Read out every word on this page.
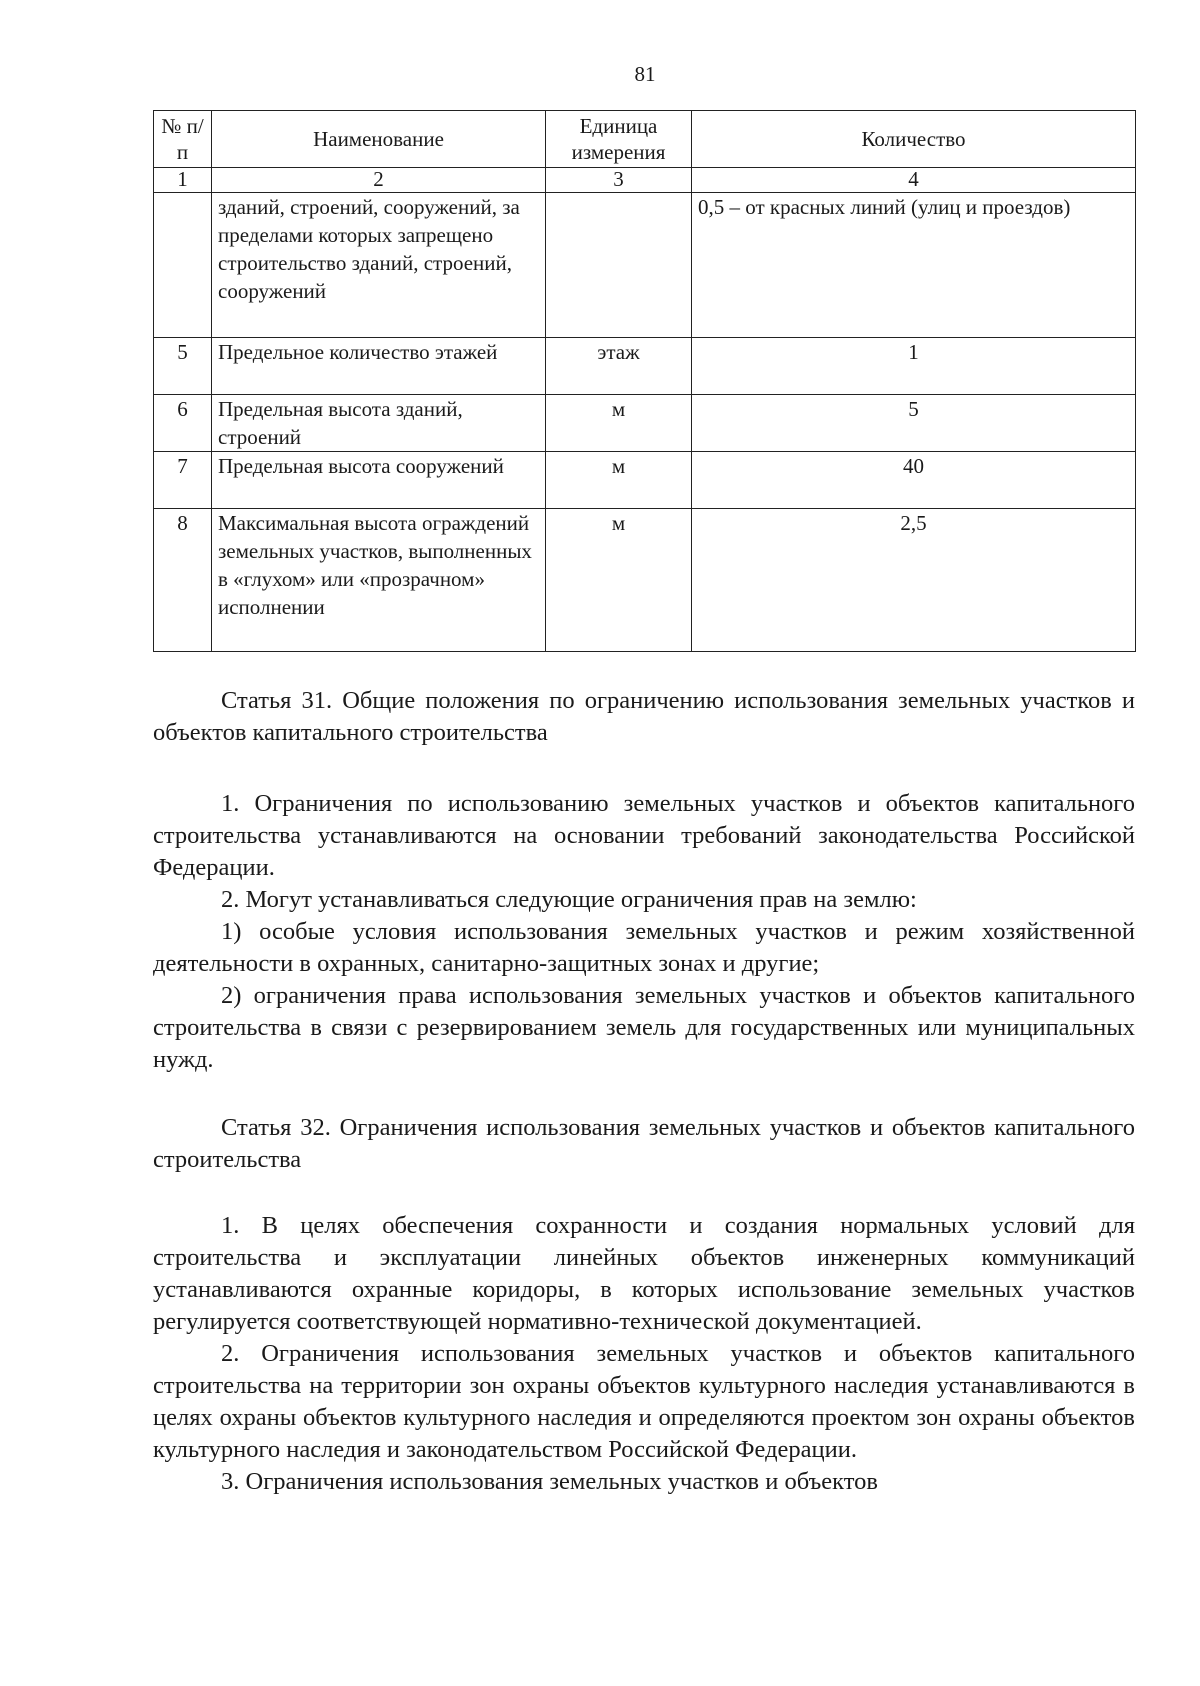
81
№ п/п	Наименование	Единица измерения	Количество
1	2	3	4
	зданий, строений, сооружений, за пределами которых запрещено строительство зданий, строений, сооружений		0,5 – от красных линий (улиц и проездов)
5	Предельное количество этажей	этаж	1
6	Предельная высота зданий, строений	м	5
7	Предельная высота сооружений	м	40
8	Максимальная высота ограждений земельных участков, выполненных в «глухом» или «прозрачном» исполнении	м	2,5

Статья 31. Общие положения по ограничению использования земельных участков и объектов капитального строительства

1. Ограничения по использованию земельных участков и объектов капитального строительства устанавливаются на основании требований законодательства Российской Федерации.

2. Могут устанавливаться следующие ограничения прав на землю:

1) особые условия использования земельных участков и режим хозяйственной деятельности в охранных, санитарно-защитных зонах и другие;

2) ограничения права использования земельных участков и объектов капитального строительства в связи с резервированием земель для государственных или муниципальных нужд.

Статья 32. Ограничения использования земельных участков и объектов капитального строительства

1. В целях обеспечения сохранности и создания нормальных условий для строительства и эксплуатации линейных объектов инженерных коммуникаций устанавливаются охранные коридоры, в которых использование земельных участков регулируется соответствующей нормативно-технической документацией.

2. Ограничения использования земельных участков и объектов капитального строительства на территории зон охраны объектов культурного наследия устанавливаются в целях охраны объектов культурного наследия и определяются проектом зон охраны объектов культурного наследия и законодательством Российской Федерации.

3. Ограничения использования земельных участков и объектов
